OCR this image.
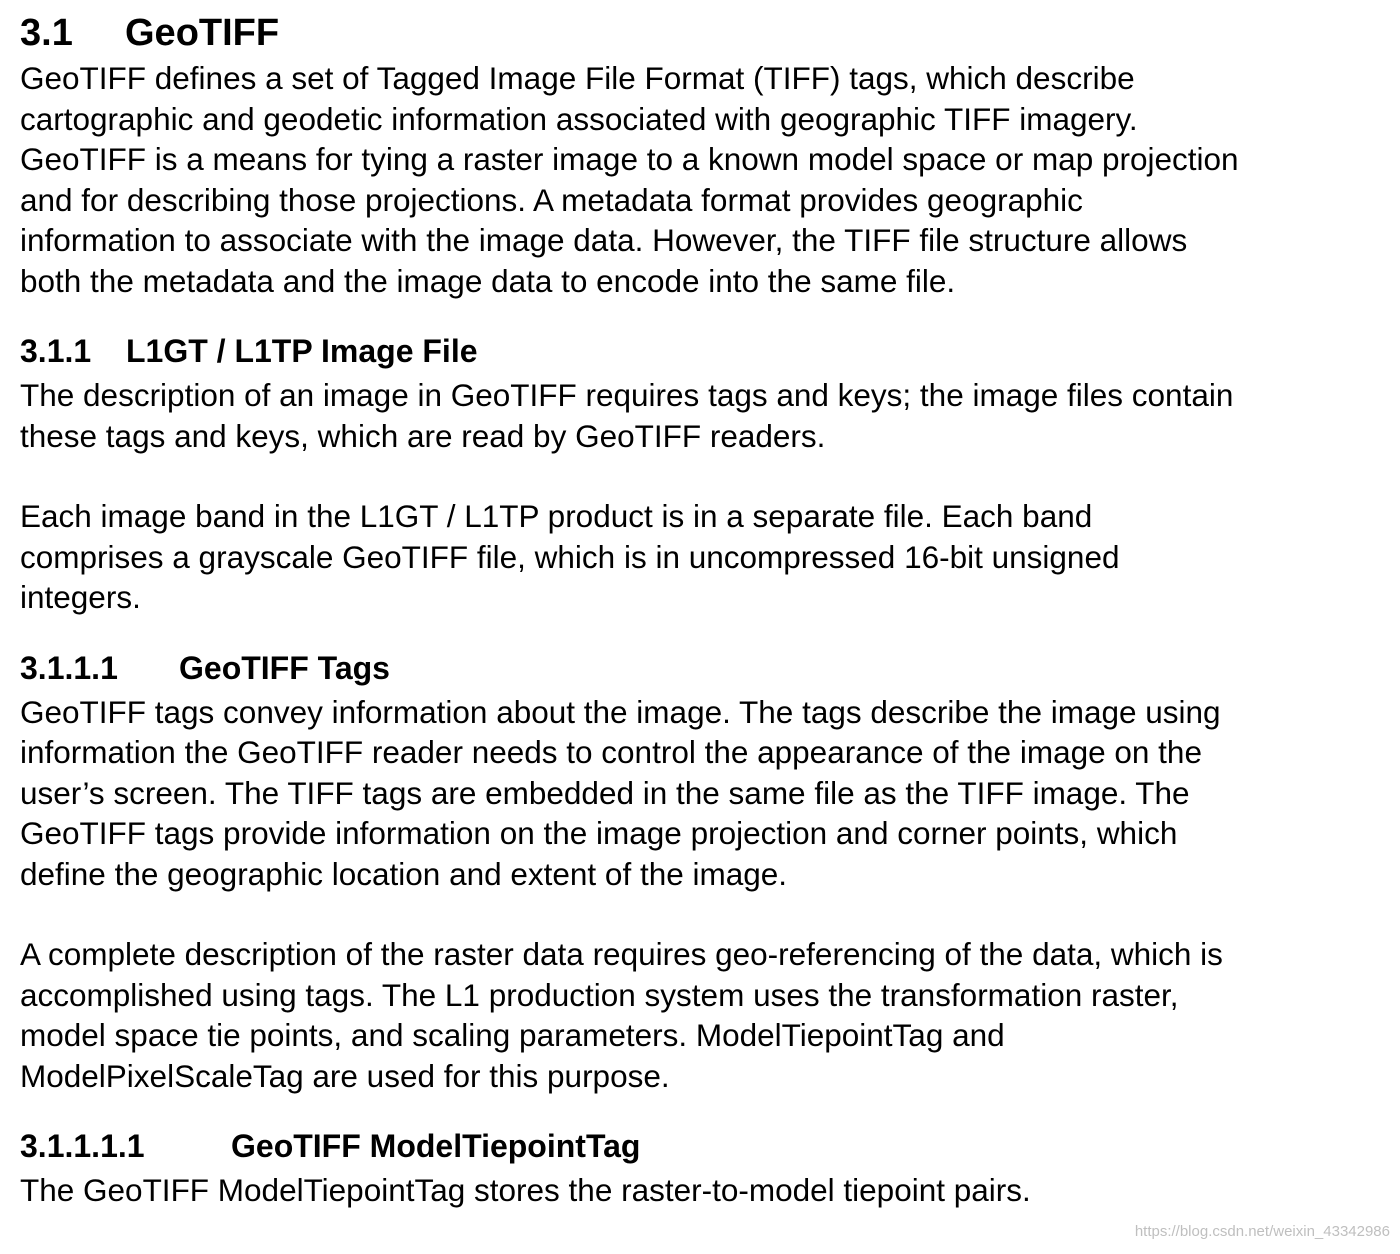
3.1	GeoTIFF

GeoTIFF defines a set of Tagged Image File Format (TIFF) tags, which describe

cartographic and geodetic information associated with geographic TIFF imagery.

GeoTIFF is a means for tying a raster image to a known model space or map projection

and for describing those projections. A metadata format provides geographic

information to associate with the image data. However, the TIFF file structure allows

both the metadata and the image data to encode into the same file.

3.1.1	L1GT / L1TP Image File

The description of an image in GeoTIFF requires tags and keys; the image files contain

these tags and keys, which are read by GeoTIFF readers.

Each image band in the L1GT / L1TP product is in a separate file. Each band

comprises a grayscale GeoTIFF file, which is in uncompressed 16-bit unsigned

integers.

3.1.1.1	GeoTIFF Tags

GeoTIFF tags convey information about the image. The tags describe the image using

information the GeoTIFF reader needs to control the appearance of the image on the

user’s screen. The TIFF tags are embedded in the same file as the TIFF image. The

GeoTIFF tags provide information on the image projection and corner points, which

define the geographic location and extent of the image.

A complete description of the raster data requires geo-referencing of the data, which is

accomplished using tags. The L1 production system uses the transformation raster,

model space tie points, and scaling parameters. ModelTiepointTag and

ModelPixelScaleTag are used for this purpose.

3.1.1.1.1	GeoTIFF ModelTiepointTag

The GeoTIFF ModelTiepointTag stores the raster-to-model tiepoint pairs.

https://blog.csdn.net/weixin_43342986
